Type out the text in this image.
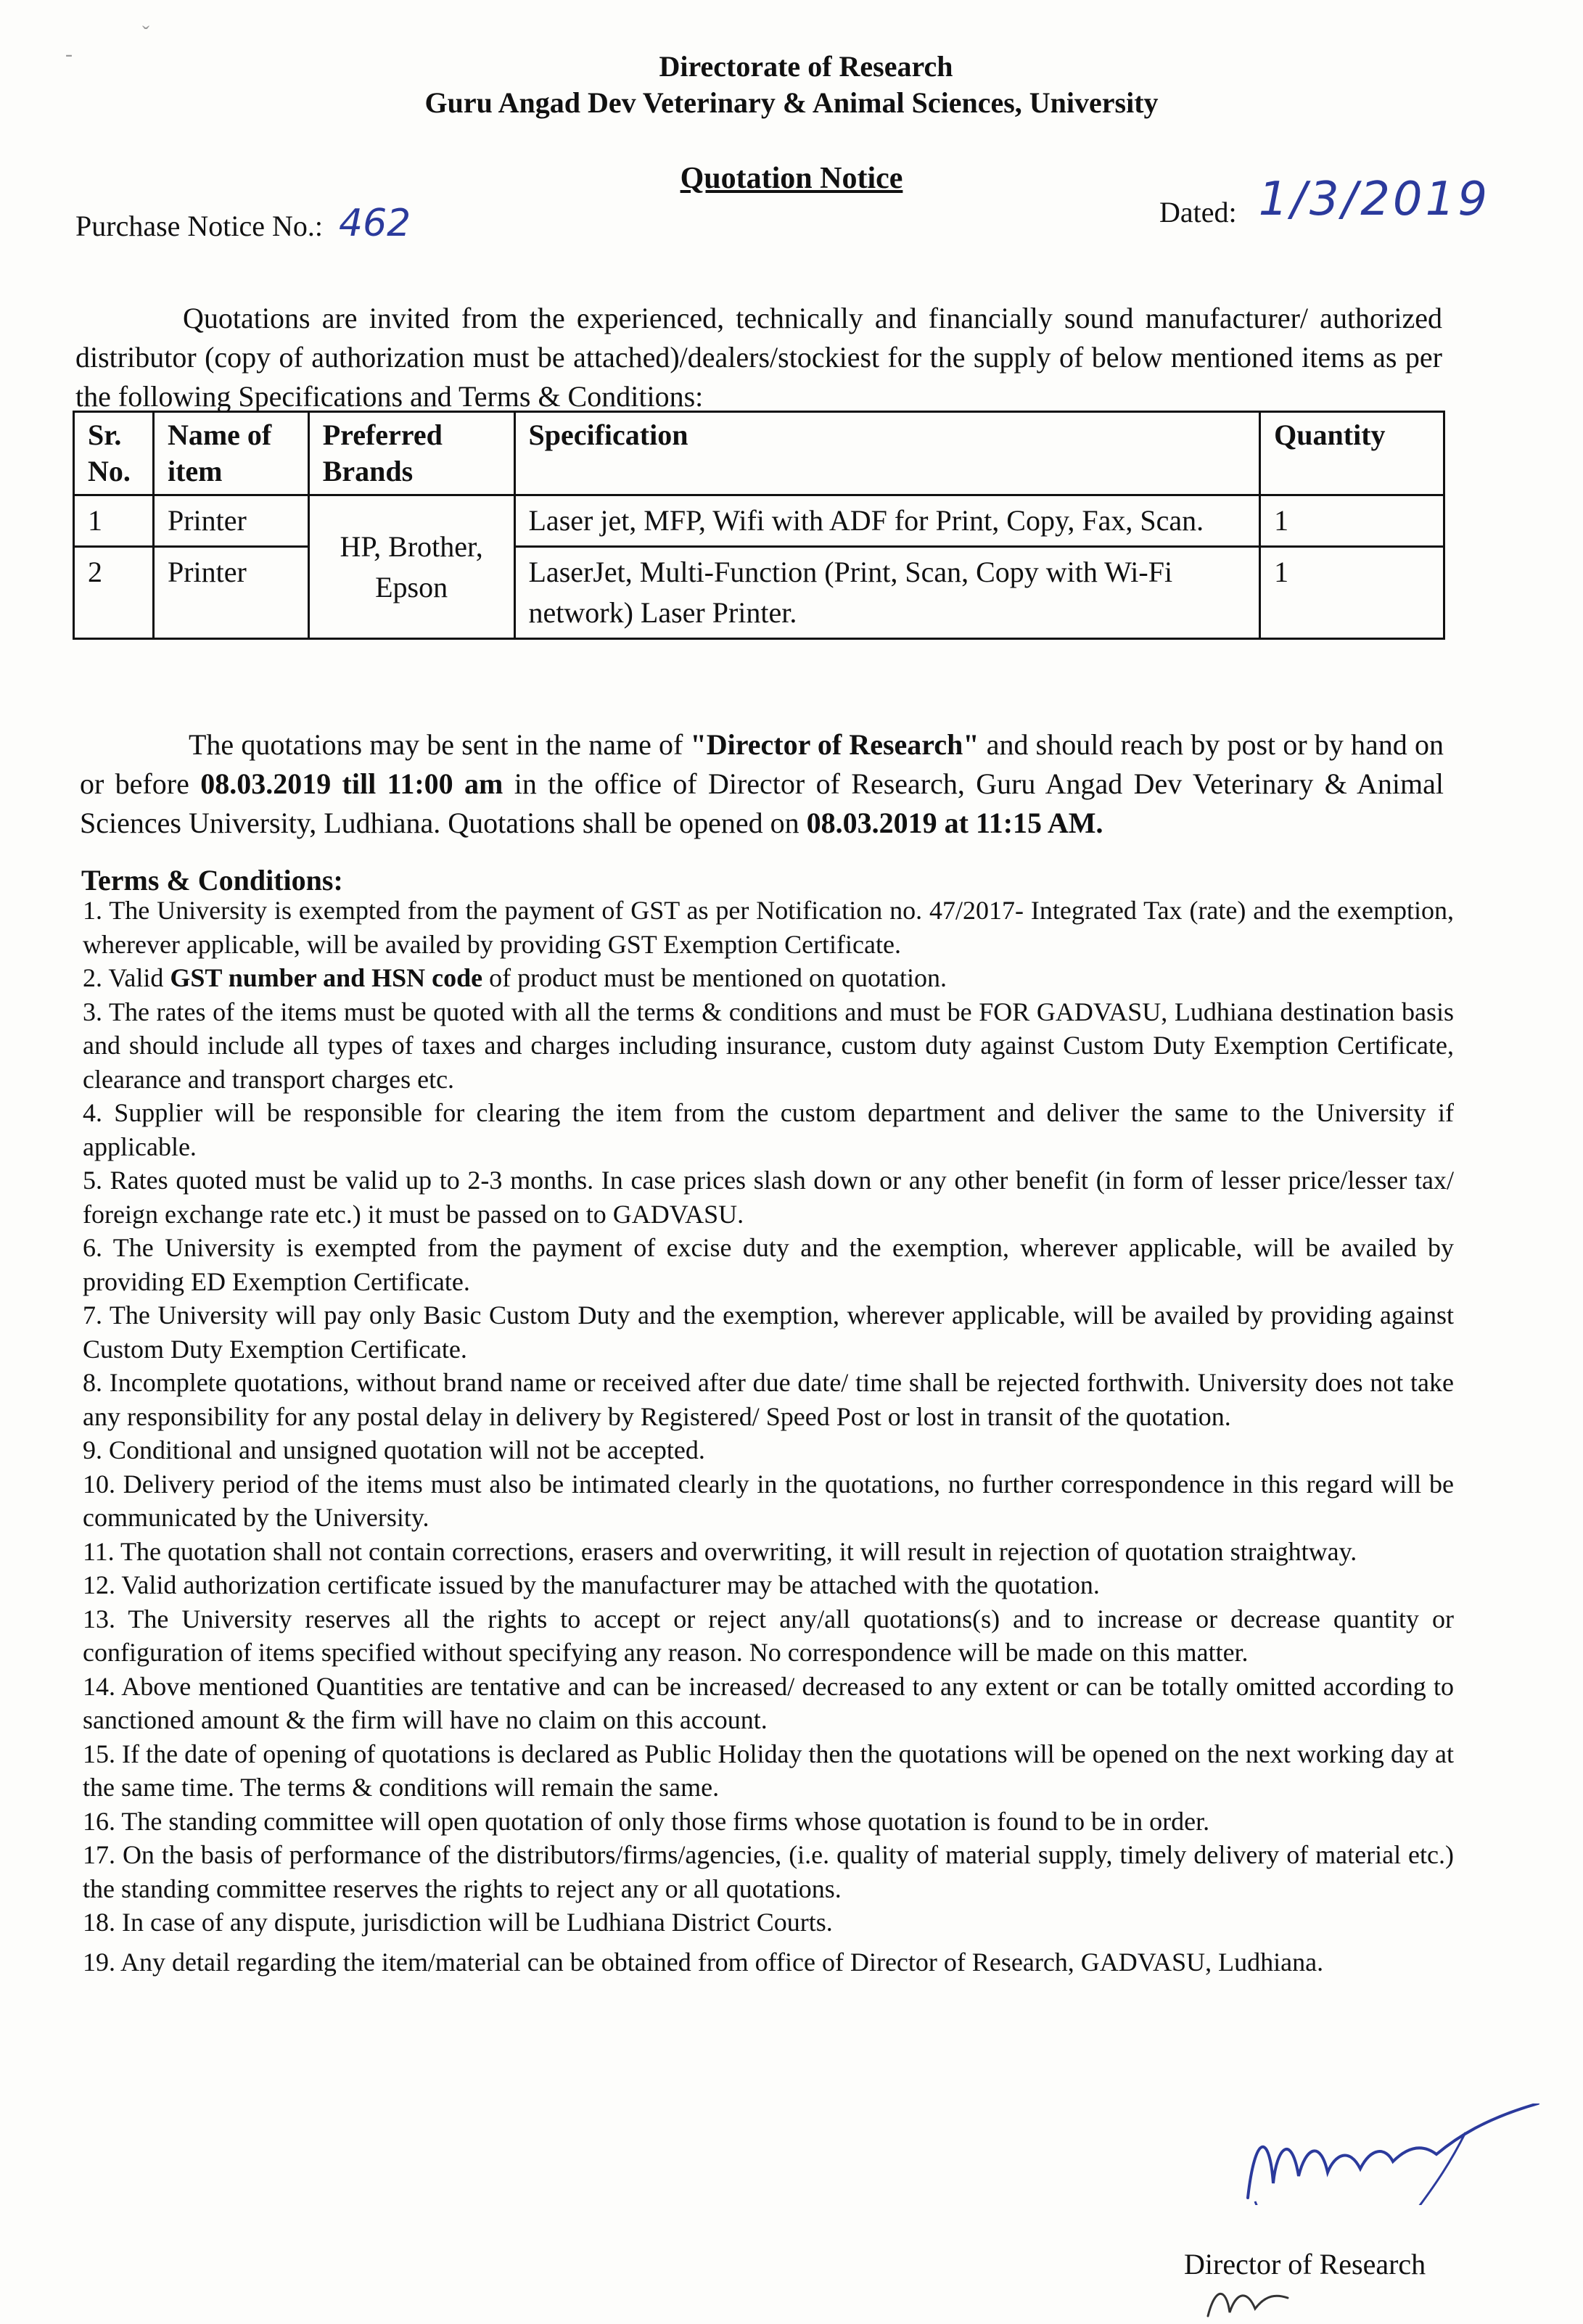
ˇ
-	Directorate of Research
Guru Angad Dev Veterinary & Animal Sciences, University
Quotation Notice
Purchase Notice No.: 462	Dated: 1/3/2019

Quotations are invited from the experienced, technically and financially sound manufacturer/ authorized distributor (copy of authorization must be attached)/dealers/stockiest for the supply of below mentioned items as per the following Specifications and Terms & Conditions:

Sr. No.	Name of item	Preferred Brands	Specification	Quantity
1	Printer	HP, Brother, Epson	Laser jet, MFP, Wifi with ADF for Print, Copy, Fax, Scan.	1
2	Printer		LaserJet, Multi-Function (Print, Scan, Copy with Wi-Fi network) Laser Printer.	1

The quotations may be sent in the name of "Director of Research" and should reach by post or by hand on or before 08.03.2019 till 11:00 am in the office of Director of Research, Guru Angad Dev Veterinary & Animal Sciences University, Ludhiana. Quotations shall be opened on 08.03.2019 at 11:15 AM.

Terms & Conditions:

1. The University is exempted from the payment of GST as per Notification no. 47/2017- Integrated Tax (rate) and the exemption, wherever applicable, will be availed by providing GST Exemption Certificate.

2. Valid GST number and HSN code of product must be mentioned on quotation.

3. The rates of the items must be quoted with all the terms & conditions and must be FOR GADVASU, Ludhiana destination basis and should include all types of taxes and charges including insurance, custom duty against Custom Duty Exemption Certificate, clearance and transport charges etc.

4. Supplier will be responsible for clearing the item from the custom department and deliver the same to the University if applicable.

5. Rates quoted must be valid up to 2-3 months. In case prices slash down or any other benefit (in form of lesser price/lesser tax/ foreign exchange rate etc.) it must be passed on to GADVASU.

6. The University is exempted from the payment of excise duty and the exemption, wherever applicable, will be availed by providing ED Exemption Certificate.

7. The University will pay only Basic Custom Duty and the exemption, wherever applicable, will be availed by providing against Custom Duty Exemption Certificate.

8. Incomplete quotations, without brand name or received after due date/ time shall be rejected forthwith. University does not take any responsibility for any postal delay in delivery by Registered/ Speed Post or lost in transit of the quotation.

9. Conditional and unsigned quotation will not be accepted.

10. Delivery period of the items must also be intimated clearly in the quotations, no further correspondence in this regard will be communicated by the University.

11. The quotation shall not contain corrections, erasers and overwriting, it will result in rejection of quotation straightway.

12. Valid authorization certificate issued by the manufacturer may be attached with the quotation.

13. The University reserves all the rights to accept or reject any/all quotations(s) and to increase or decrease quantity or configuration of items specified without specifying any reason. No correspondence will be made on this matter.

14. Above mentioned Quantities are tentative and can be increased/ decreased to any extent or can be totally omitted according to sanctioned amount & the firm will have no claim on this account.

15. If the date of opening of quotations is declared as Public Holiday then the quotations will be opened on the next working day at the same time. The terms & conditions will remain the same.

16. The standing committee will open quotation of only those firms whose quotation is found to be in order.

17. On the basis of performance of the distributors/firms/agencies, (i.e. quality of material supply, timely delivery of material etc.) the standing committee reserves the rights to reject any or all quotations.

18. In case of any dispute, jurisdiction will be Ludhiana District Courts.

19. Any detail regarding the item/material can be obtained from office of Director of Research, GADVASU, Ludhiana.

Director of Research
